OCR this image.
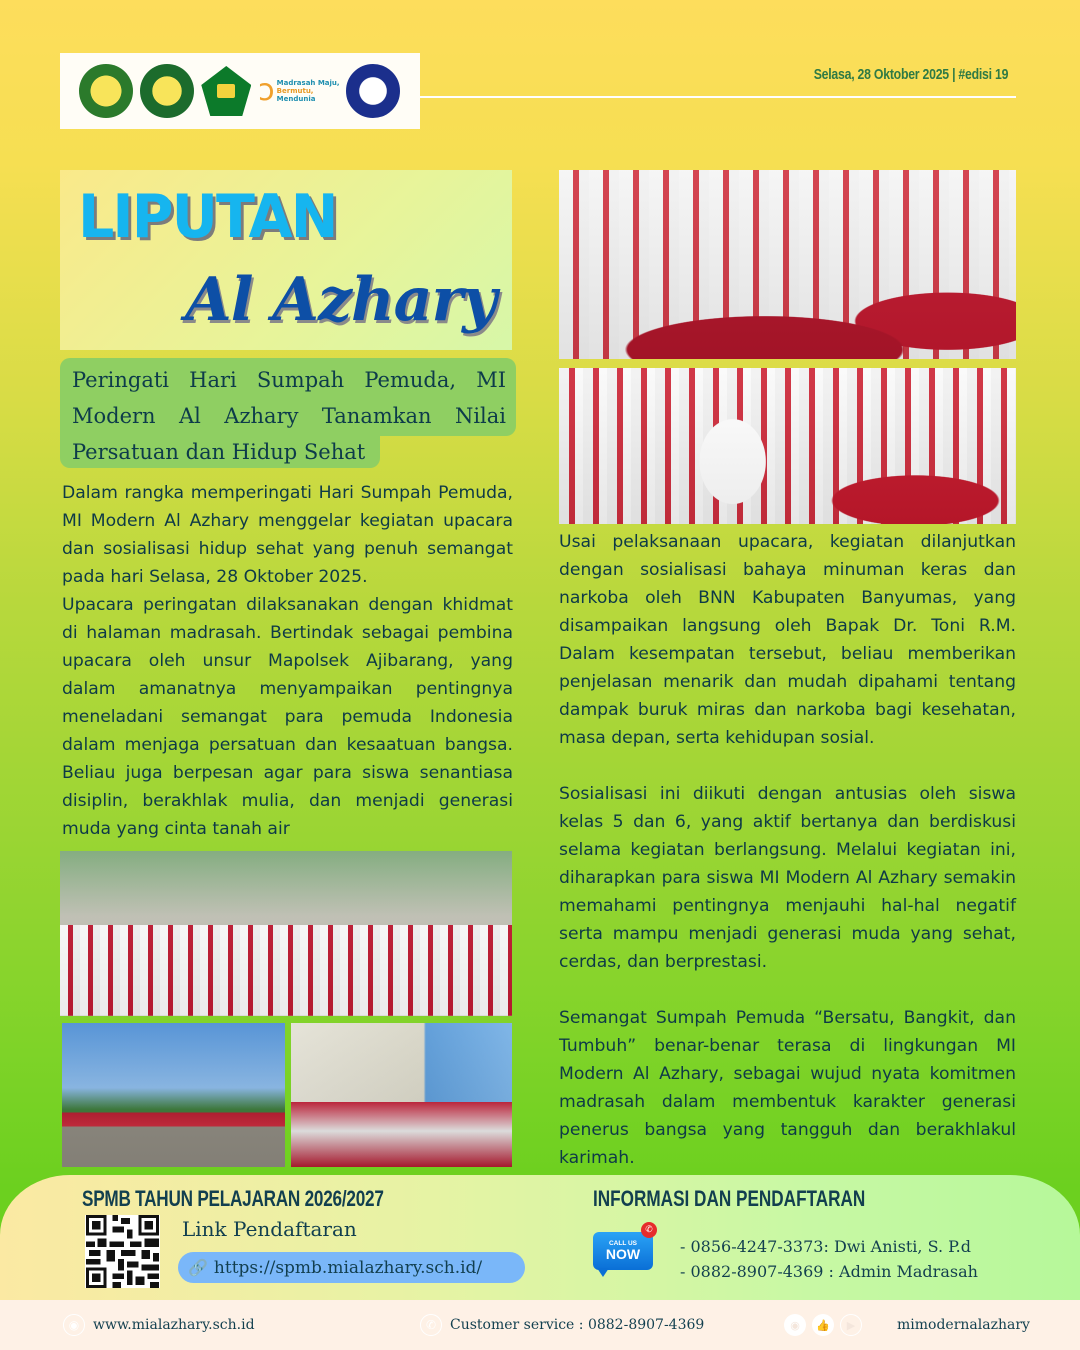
ɔ Madrasah Maju,
Bermutu,
Mendunia
Selasa, 28 Oktober 2025 | #edisi 19
LIPUTAN
Al Azhary
Peringati Hari Sumpah Pemuda, MI
Modern Al Azhary Tanamkan Nilai
Persatuan dan Hidup Sehat

Dalam rangka memperingati Hari Sumpah Pemuda, MI Modern Al Azhary menggelar kegiatan upacara dan sosialisasi hidup sehat yang penuh semangat pada hari Selasa, 28 Oktober 2025.

Upacara peringatan dilaksanakan dengan khidmat di halaman madrasah. Bertindak sebagai pembina upacara oleh unsur Mapolsek Ajibarang, yang dalam amanatnya menyampaikan pentingnya meneladani semangat para pemuda Indonesia dalam menjaga persatuan dan kesaatuan bangsa. Beliau juga berpesan agar para siswa senantiasa disiplin, berakhlak mulia, dan menjadi generasi muda yang cinta tanah air

Usai pelaksanaan upacara, kegiatan dilanjutkan dengan sosialisasi bahaya minuman keras dan narkoba oleh BNN Kabupaten Banyumas, yang disampaikan langsung oleh Bapak Dr. Toni R.M. Dalam kesempatan tersebut, beliau memberikan penjelasan menarik dan mudah dipahami tentang dampak buruk miras dan narkoba bagi kesehatan, masa depan, serta kehidupan sosial.

Sosialisasi ini diikuti dengan antusias oleh siswa kelas 5 dan 6, yang aktif bertanya dan berdiskusi selama kegiatan berlangsung. Melalui kegiatan ini, diharapkan para siswa MI Modern Al Azhary semakin memahami pentingnya menjauhi hal-hal negatif serta mampu menjadi generasi muda yang sehat, cerdas, dan berprestasi.

Semangat Sumpah Pemuda “Bersatu, Bangkit, dan Tumbuh” benar-benar terasa di lingkungan MI Modern Al Azhary, sebagai wujud nyata komitmen madrasah dalam membentuk karakter generasi penerus bangsa yang tangguh dan berakhlakul karimah.

SPMB TAHUN PELAJARAN 2026/2027
Link Pendaftaran
🔗 https://spmb.mialazhary.sch.id/
INFORMASI DAN PENDAFTARAN
CALL US
NOW
✆
- 0856-4247-3373: Dwi Anisti, S. P.d
- 0882-8907-4369 : Admin Madrasah
◉ www.mialazhary.sch.id	✆ Customer service : 0882-8907-4369	◉	👍	▶	mimodernalazhary
